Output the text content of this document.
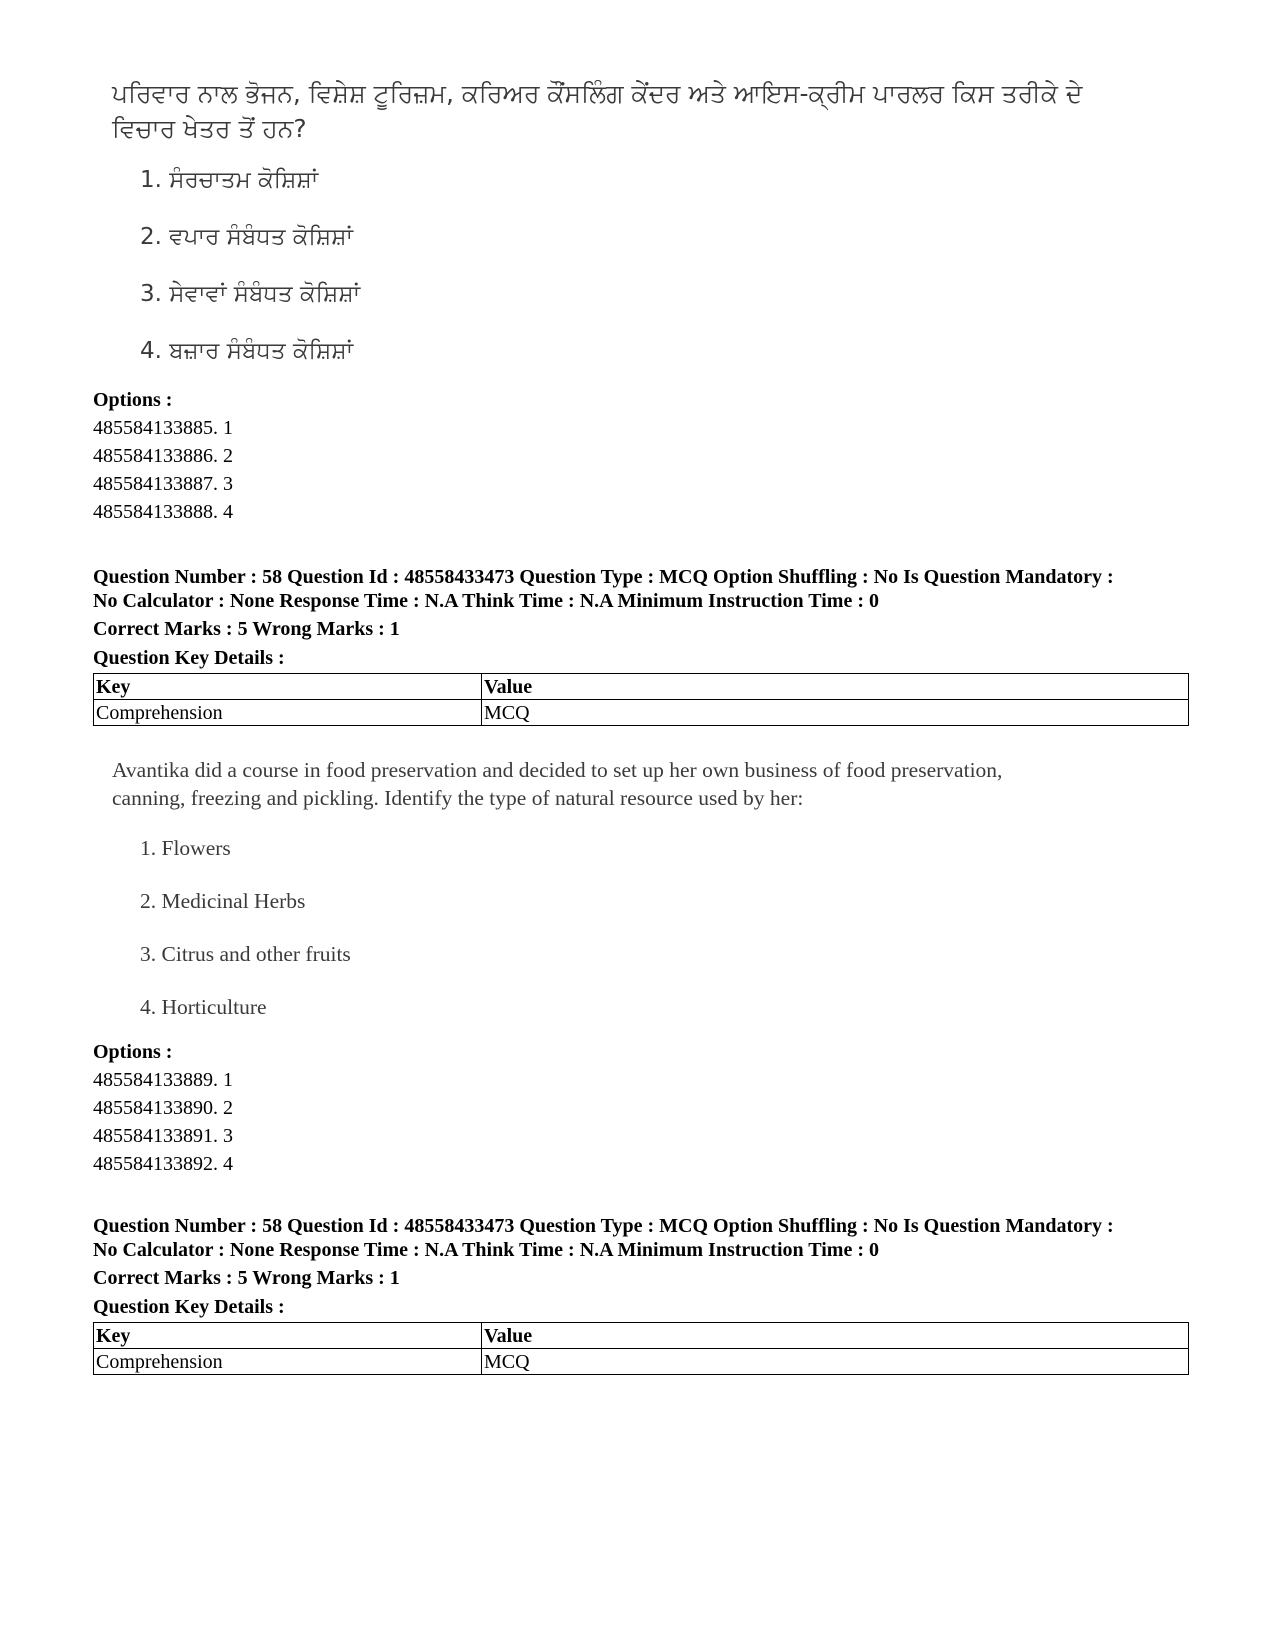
ਪਰਿਵਾਰ ਨਾਲ ਭੋਜਨ, ਵਿਸ਼ੇਸ਼ ਟੂਰਿਜ਼ਮ, ਕਰਿਅਰ ਕੌਂਸਲਿੰਗ ਕੇਂਦਰ ਅਤੇ ਆਇਸ-ਕ੍ਰੀਮ ਪਾਰਲਰ ਕਿਸ ਤਰੀਕੇ ਦੇ ਵਿਚਾਰ ਖੇਤਰ ਤੋਂ ਹਨ?
1. ਸੰਰਚਾਤਮ ਕੋਸ਼ਿਸ਼ਾਂ
2. ਵਪਾਰ ਸੰਬੰਧਤ ਕੋਸ਼ਿਸ਼ਾਂ
3. ਸੇਵਾਵਾਂ ਸੰਬੰਧਤ ਕੋਸ਼ਿਸ਼ਾਂ
4. ਬਜ਼ਾਰ ਸੰਬੰਧਤ ਕੋਸ਼ਿਸ਼ਾਂ
Options :
485584133885. 1
485584133886. 2
485584133887. 3
485584133888. 4
Question Number : 58 Question Id : 48558433473 Question Type : MCQ Option Shuffling : No Is Question Mandatory :
No Calculator : None Response Time : N.A Think Time : N.A Minimum Instruction Time : 0
Correct Marks : 5 Wrong Marks : 1
Question Key Details :
Key	Value
Comprehension	MCQ
Avantika did a course in food preservation and decided to set up her own business of food preservation,
canning, freezing and pickling. Identify the type of natural resource used by her:
1. Flowers
2. Medicinal Herbs
3. Citrus and other fruits
4. Horticulture
Options :
485584133889. 1
485584133890. 2
485584133891. 3
485584133892. 4
Question Number : 58 Question Id : 48558433473 Question Type : MCQ Option Shuffling : No Is Question Mandatory :
No Calculator : None Response Time : N.A Think Time : N.A Minimum Instruction Time : 0
Correct Marks : 5 Wrong Marks : 1
Question Key Details :
Key	Value
Comprehension	MCQ
